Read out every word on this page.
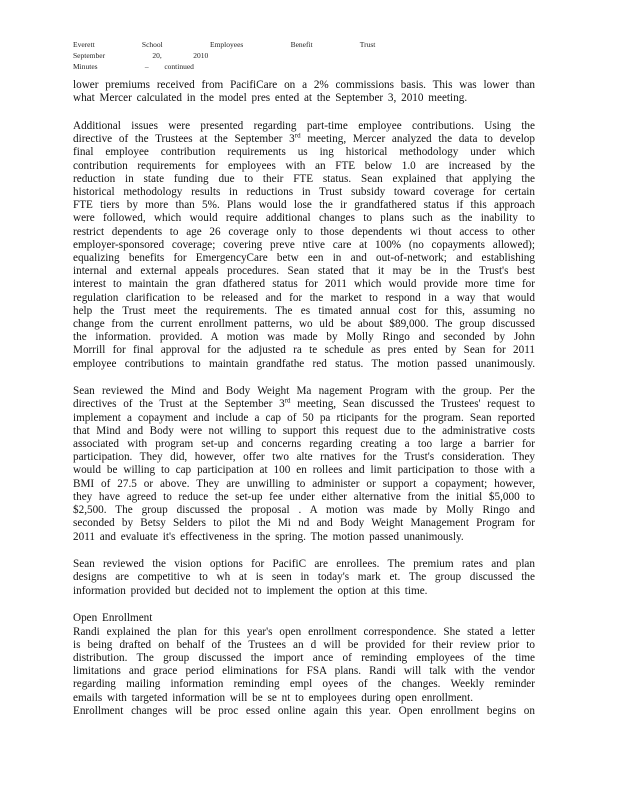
Everett      School      Employees      Benefit      Trust
September      20,    2010
Minutes      –  continued

lower premiums received from PacifiCare on a 2% commissions basis. This was lower than
what Mercer calculated in the model pres ented at the September 3, 2010 meeting.

Additional issues were presented regarding part-time employee contributions. Using the
directive of the Trustees at the September 3rd meeting, Mercer analyzed the data to develop
final employee contribution requirements us ing historical methodology under which
contribution requirements for employees with an FTE below 1.0 are increased by the
reduction in state funding due to their FTE status. Sean explained that applying the
historical methodology results in reductions in Trust subsidy toward coverage for certain
FTE tiers by more than 5%. Plans would lose the ir grandfathered status if this approach
were followed, which would require additional changes to plans such as the inability to
restrict dependents to age 26 coverage only to those dependents wi thout access to other
employer-sponsored coverage; covering preve ntive care at 100% (no copayments allowed);
equalizing benefits for EmergencyCare betw een in and out-of-network; and establishing
internal and external appeals procedures. Sean stated that it may be in the Trust's best
interest to maintain the gran dfathered status for 2011 which would provide more time for
regulation clarification to be released and for the market to respond in a way that would
help the Trust meet the requirements. The es timated annual cost for this, assuming no
change from the current enrollment patterns, wo uld be about $89,000. The group discussed
the information. provided. A motion was made by Molly Ringo and seconded by John
Morrill for final approval for the adjusted ra te schedule as pres ented by Sean for 2011
employee contributions to maintain grandfathe red status. The motion passed unanimously.

Sean reviewed the Mind and Body Weight Ma nagement Program with the group. Per the
directives of the Trust at the September 3rd meeting, Sean discussed the Trustees' request to
implement a copayment and include a cap of 50 pa rticipants for the program. Sean reported
that Mind and Body were not willing to support this request due to the administrative costs
associated with program set-up and concerns regarding creating a too large a barrier for
participation. They did, however, offer two alte rnatives for the Trust's consideration. They
would be willing to cap participation at 100 en rollees and limit participation to those with a
BMI of 27.5 or above. They are unwilling to administer or support a copayment; however,
they have agreed to reduce the set-up fee under either alternative from the initial $5,000 to
$2,500. The group discussed the proposal . A motion was made by Molly Ringo and
seconded by Betsy Selders to pilot the Mi nd and Body Weight Management Program for
2011 and evaluate it's effectiveness in the spring. The motion passed unanimously.

Sean reviewed the vision options for PacifiC are enrollees. The premium rates and plan
designs are competitive to wh at is seen in today's mark et. The group discussed the
information provided but decided not to implement the option at this time.

Open Enrollment
Randi explained the plan for this year's open enrollment correspondence. She stated a letter
is being drafted on behalf of the Trustees an d will be provided for their review prior to
distribution. The group discussed the import ance of reminding employees of the time
limitations and grace period eliminations for FSA plans. Randi will talk with the vendor
regarding mailing information reminding empl oyees of the changes. Weekly reminder
emails with targeted information will be se nt to employees during open enrollment.
Enrollment changes will be proc essed online again this year. Open enrollment begins on
